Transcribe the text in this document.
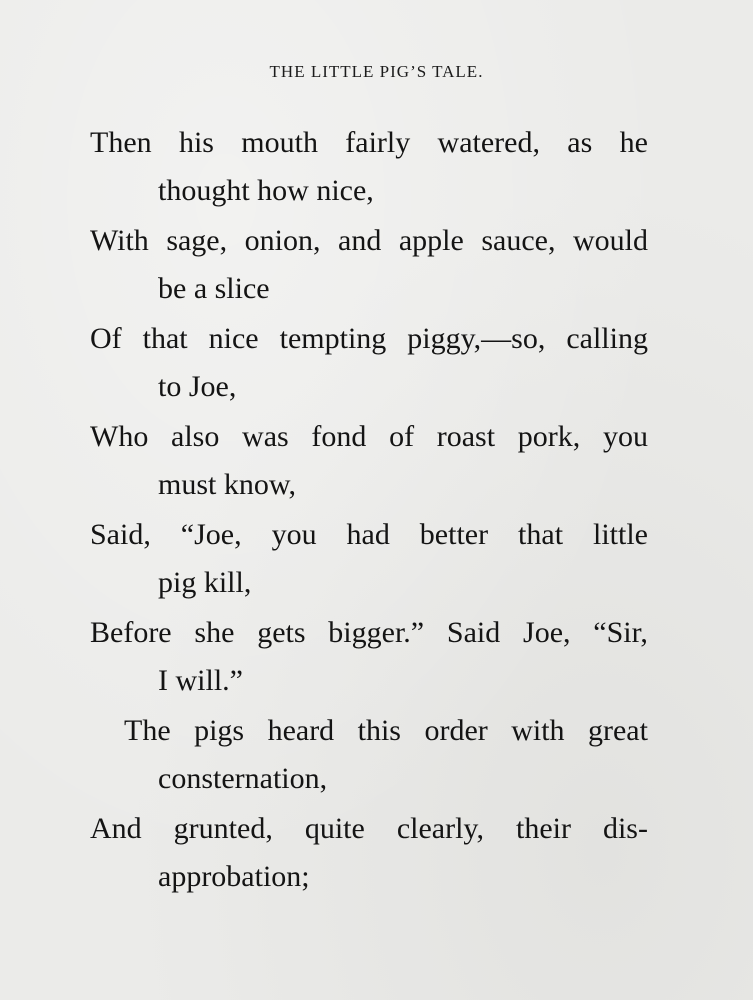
THE LITTLE PIG’S TALE.
Then his mouth fairly watered, as he
thought how nice,
With sage, onion, and apple sauce, would
be a slice
Of that nice tempting piggy,—so, calling
to Joe,
Who also was fond of roast pork, you
must know,
Said, “Joe, you had better that little
pig kill,
Before she gets bigger.” Said Joe, “Sir,
I will.”
The pigs heard this order with great
consternation,
And grunted, quite clearly, their dis-
approbation;
